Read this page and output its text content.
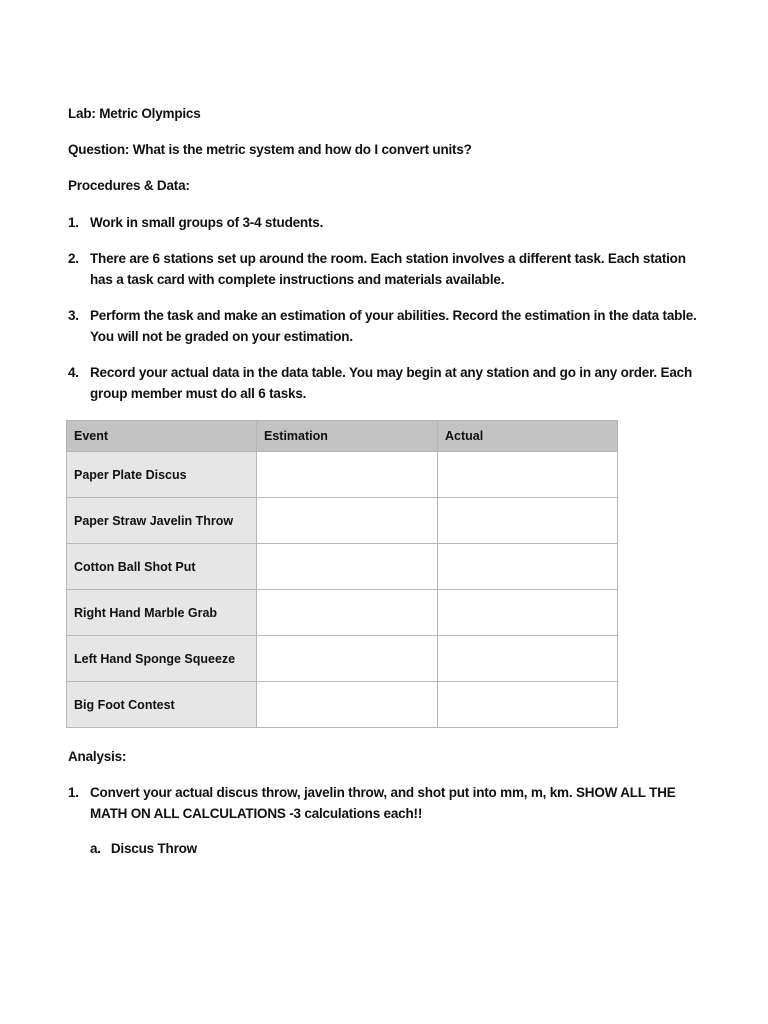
Lab: Metric Olympics
Question: What is the metric system and how do I convert units?
Procedures & Data:
1. Work in small groups of 3-4 students.
2. There are 6 stations set up around the room. Each station involves a different task. Each station has a task card with complete instructions and materials available.
3. Perform the task and make an estimation of your abilities. Record the estimation in the data table. You will not be graded on your estimation.
4. Record your actual data in the data table. You may begin at any station and go in any order. Each group member must do all 6 tasks.
Event	Estimation	Actual
Paper Plate Discus		
Paper Straw Javelin Throw		
Cotton Ball Shot Put		
Right Hand Marble Grab		
Left Hand Sponge Squeeze		
Big Foot Contest		
Analysis:
1. Convert your actual discus throw, javelin throw, and shot put into mm, m, km. SHOW ALL THE MATH ON ALL CALCULATIONS -3 calculations each!!
a. Discus Throw
